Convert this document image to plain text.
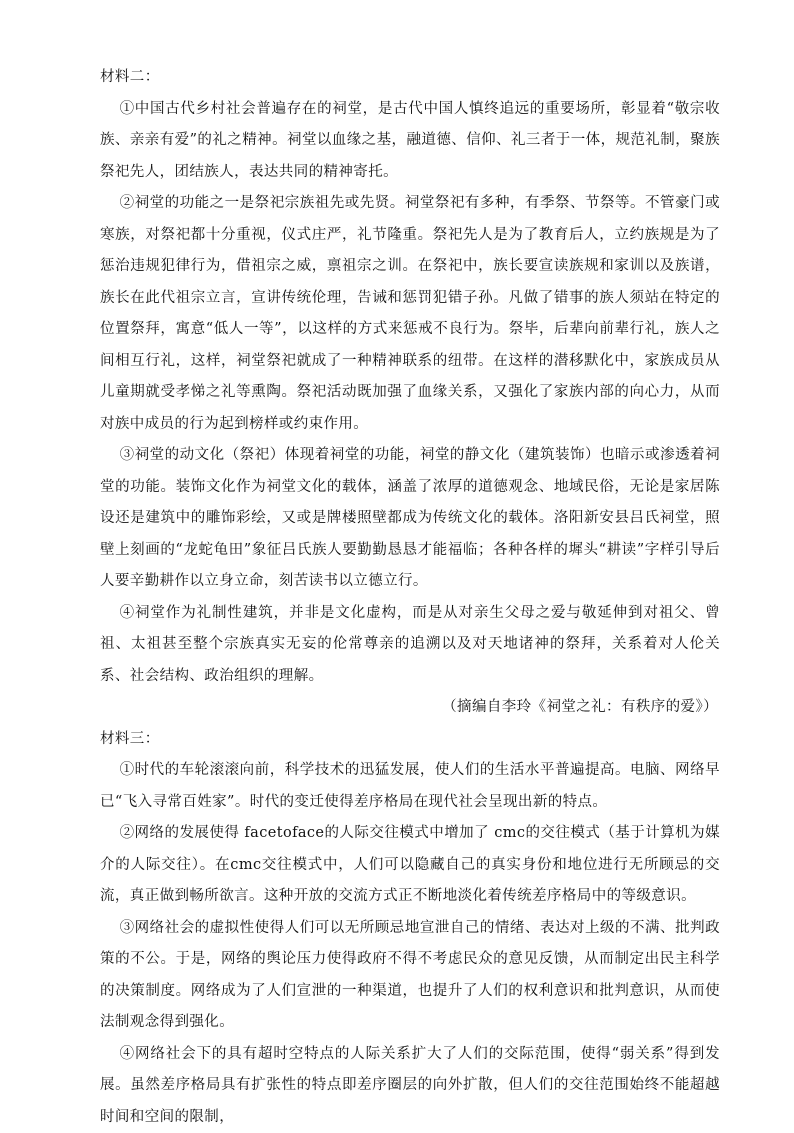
材料二：

①中国古代乡村社会普遍存在的祠堂，是古代中国人慎终追远的重要场所，彰显着“敬宗收族、亲亲有爱”的礼之精神。祠堂以血缘之基，融道德、信仰、礼三者于一体，规范礼制，聚族祭祀先人，团结族人，表达共同的精神寄托。

②祠堂的功能之一是祭祀宗族祖先或先贤。祠堂祭祀有多种，有季祭、节祭等。不管豪门或寒族，对祭祀都十分重视，仪式庄严，礼节隆重。祭祀先人是为了教育后人，立约族规是为了惩治违规犯律行为，借祖宗之威，禀祖宗之训。在祭祀中，族长要宣读族规和家训以及族谱，族长在此代祖宗立言，宣讲传统伦理，告诫和惩罚犯错子孙。凡做了错事的族人须站在特定的位置祭拜，寓意“低人一等”，以这样的方式来惩戒不良行为。祭毕，后辈向前辈行礼，族人之间相互行礼，这样，祠堂祭祀就成了一种精神联系的纽带。在这样的潜移默化中，家族成员从儿童期就受孝悌之礼等熏陶。祭祀活动既加强了血缘关系，又强化了家族内部的向心力，从而对族中成员的行为起到榜样或约束作用。

③祠堂的动文化（祭祀）体现着祠堂的功能，祠堂的静文化（建筑装饰）也暗示或渗透着祠堂的功能。装饰文化作为祠堂文化的载体，涵盖了浓厚的道德观念、地域民俗，无论是家居陈设还是建筑中的雕饰彩绘，又或是牌楼照壁都成为传统文化的载体。洛阳新安县吕氏祠堂，照壁上刻画的“龙蛇龟田”象征吕氏族人要勤勤恳恳才能福临；各种各样的墀头“耕读”字样引导后人要辛勤耕作以立身立命，刻苦读书以立德立行。

④祠堂作为礼制性建筑，并非是文化虚构，而是从对亲生父母之爱与敬延伸到对祖父、曾祖、太祖甚至整个宗族真实无妄的伦常尊亲的追溯以及对天地诸神的祭拜，关系着对人伦关系、社会结构、政治组织的理解。

（摘编自李玲《祠堂之礼：有秩序的爱》）

材料三：

①时代的车轮滚滚向前，科学技术的迅猛发展，使人们的生活水平普遍提高。电脑、网络早已“飞入寻常百姓家”。时代的变迁使得差序格局在现代社会呈现出新的特点。

②网络的发展使得 facetoface的人际交往模式中增加了 cmc的交往模式（基于计算机为媒介的人际交往）。在cmc交往模式中，人们可以隐藏自己的真实身份和地位进行无所顾忌的交流，真正做到畅所欲言。这种开放的交流方式正不断地淡化着传统差序格局中的等级意识。

③网络社会的虚拟性使得人们可以无所顾忌地宣泄自己的情绪、表达对上级的不满、批判政策的不公。于是，网络的舆论压力使得政府不得不考虑民众的意见反馈，从而制定出民主科学的决策制度。网络成为了人们宣泄的一种渠道，也提升了人们的权利意识和批判意识，从而使法制观念得到强化。

④网络社会下的具有超时空特点的人际关系扩大了人们的交际范围，使得“弱关系”得到发展。虽然差序格局具有扩张性的特点即差序圈层的向外扩散，但人们的交往范围始终不能超越时间和空间的限制，
